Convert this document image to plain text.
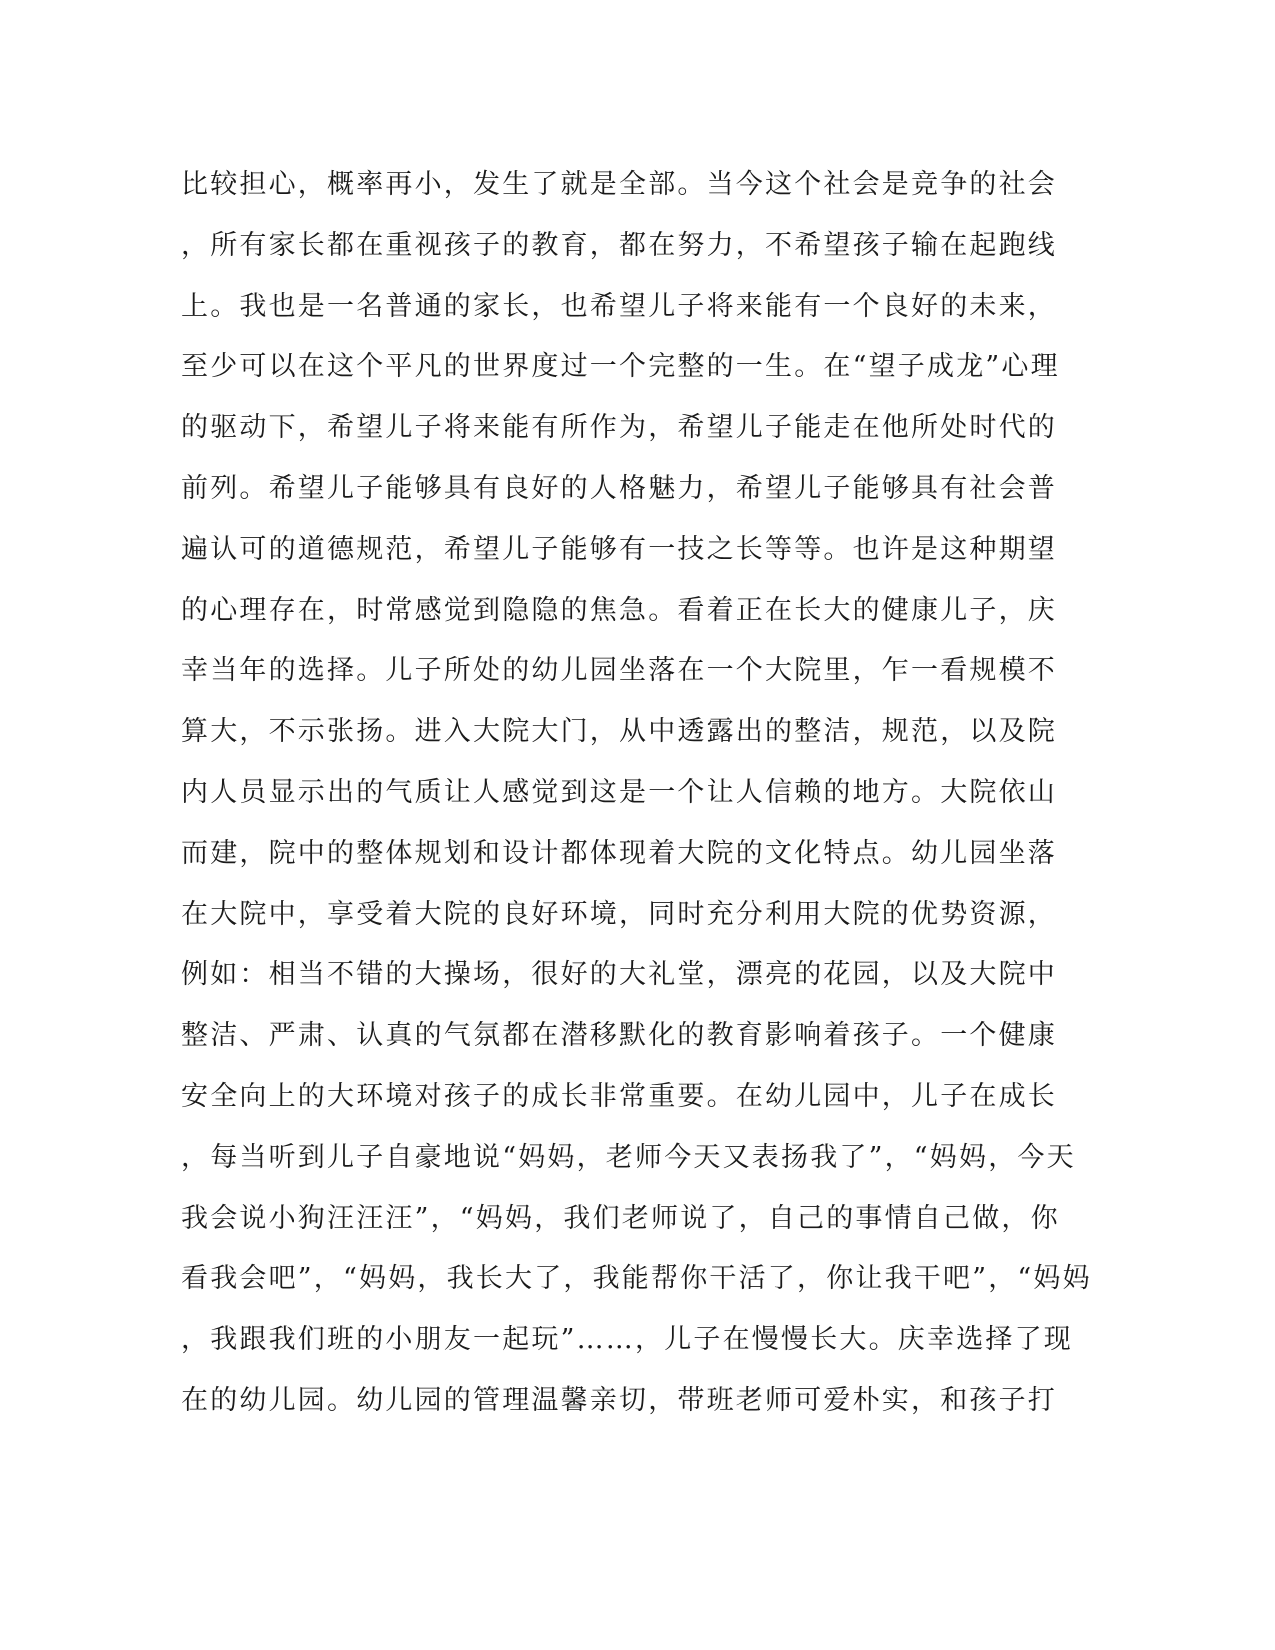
比较担心，概率再小，发生了就是全部。当今这个社会是竞争的社会
，所有家长都在重视孩子的教育，都在努力，不希望孩子输在起跑线
上。我也是一名普通的家长，也希望儿子将来能有一个良好的未来，
至少可以在这个平凡的世界度过一个完整的一生。在“望子成龙”心理
的驱动下，希望儿子将来能有所作为，希望儿子能走在他所处时代的
前列。希望儿子能够具有良好的人格魅力，希望儿子能够具有社会普
遍认可的道德规范，希望儿子能够有一技之长等等。也许是这种期望
的心理存在，时常感觉到隐隐的焦急。看着正在长大的健康儿子，庆
幸当年的选择。儿子所处的幼儿园坐落在一个大院里，乍一看规模不
算大，不示张扬。进入大院大门，从中透露出的整洁，规范，以及院
内人员显示出的气质让人感觉到这是一个让人信赖的地方。大院依山
而建，院中的整体规划和设计都体现着大院的文化特点。幼儿园坐落
在大院中，享受着大院的良好环境，同时充分利用大院的优势资源，
例如：相当不错的大操场，很好的大礼堂，漂亮的花园，以及大院中
整洁、严肃、认真的气氛都在潜移默化的教育影响着孩子。一个健康
安全向上的大环境对孩子的成长非常重要。在幼儿园中，儿子在成长
，每当听到儿子自豪地说“妈妈，老师今天又表扬我了”，“妈妈，今天
我会说小狗汪汪汪”，“妈妈，我们老师说了，自己的事情自己做，你
看我会吧”，“妈妈，我长大了，我能帮你干活了，你让我干吧”，“妈妈
，我跟我们班的小朋友一起玩”……，儿子在慢慢长大。庆幸选择了现
在的幼儿园。幼儿园的管理温馨亲切，带班老师可爱朴实，和孩子打
